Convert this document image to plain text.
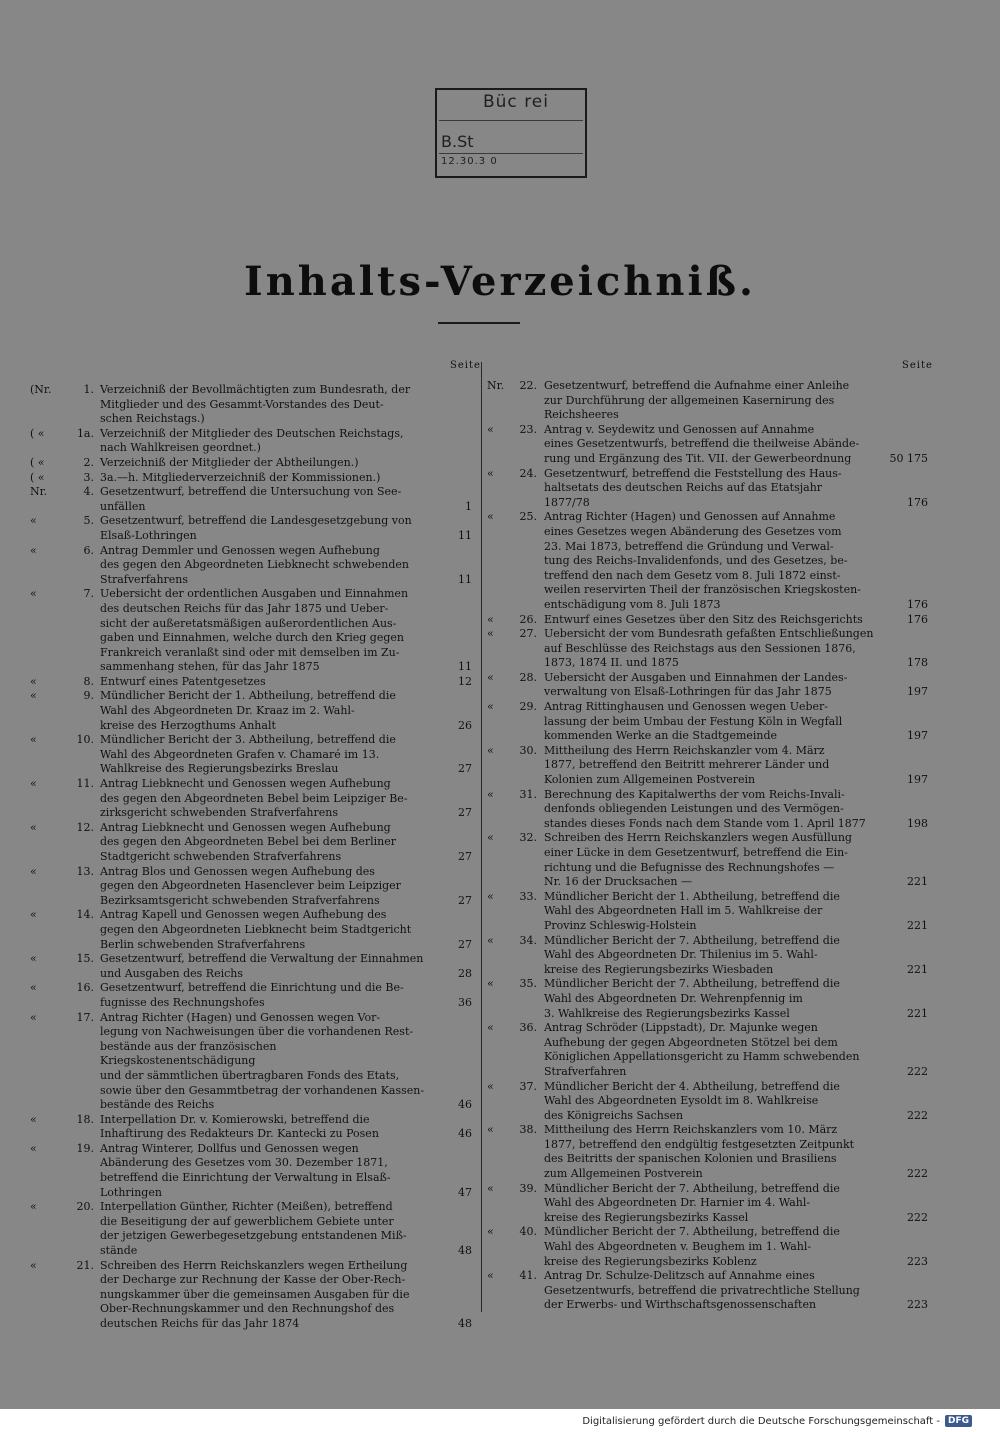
Büc rei
B.St
12.30.3 0
Inhalts-Verzeichniß.
Seite
(Nr.	1. Verzeichniß der Bevollmächtigten zum Bundesrath, der
Mitglieder und des Gesammt-Vorstandes des Deut-
schen Reichstags.)
( «	1a. Verzeichniß der Mitglieder des Deutschen Reichstags,
nach Wahlkreisen geordnet.)
( «	2. Verzeichniß der Mitglieder der Abtheilungen.)
( «	3. 3a.—h. Mitgliederverzeichniß der Kommissionen.)
Nr.	4. Gesetzentwurf, betreffend die Untersuchung von See-
unfällen	1
«	5. Gesetzentwurf, betreffend die Landesgesetzgebung von
Elsaß-Lothringen	11
«	6. Antrag Demmler und Genossen wegen Aufhebung
des gegen den Abgeordneten Liebknecht schwebenden
Strafverfahrens	11
«	7. Uebersicht der ordentlichen Ausgaben und Einnahmen
des deutschen Reichs für das Jahr 1875 und Ueber-
sicht der außeretatsmäßigen außerordentlichen Aus-
gaben und Einnahmen, welche durch den Krieg gegen
Frankreich veranlaßt sind oder mit demselben im Zu-
sammenhang stehen, für das Jahr 1875	11
«	8. Entwurf eines Patentgesetzes	12
«	9. Mündlicher Bericht der 1. Abtheilung, betreffend die
Wahl des Abgeordneten Dr. Kraaz im 2. Wahl-
kreise des Herzogthums Anhalt	26
«	10. Mündlicher Bericht der 3. Abtheilung, betreffend die
Wahl des Abgeordneten Grafen v. Chamaré im 13.
Wahlkreise des Regierungsbezirks Breslau	27
«	11. Antrag Liebknecht und Genossen wegen Aufhebung
des gegen den Abgeordneten Bebel beim Leipziger Be-
zirksgericht schwebenden Strafverfahrens	27
«	12. Antrag Liebknecht und Genossen wegen Aufhebung
des gegen den Abgeordneten Bebel bei dem Berliner
Stadtgericht schwebenden Strafverfahrens	27
«	13. Antrag Blos und Genossen wegen Aufhebung des
gegen den Abgeordneten Hasenclever beim Leipziger
Bezirksamtsgericht schwebenden Strafverfahrens	27
«	14. Antrag Kapell und Genossen wegen Aufhebung des
gegen den Abgeordneten Liebknecht beim Stadtgericht
Berlin schwebenden Strafverfahrens	27
«	15. Gesetzentwurf, betreffend die Verwaltung der Einnahmen
und Ausgaben des Reichs	28
«	16. Gesetzentwurf, betreffend die Einrichtung und die Be-
fugnisse des Rechnungshofes	36
«	17. Antrag Richter (Hagen) und Genossen wegen Vor-
legung von Nachweisungen über die vorhandenen Rest-
bestände aus der französischen Kriegskostenentschädigung
und der sämmtlichen übertragbaren Fonds des Etats,
sowie über den Gesammtbetrag der vorhandenen Kassen-
bestände des Reichs	46
«	18. Interpellation Dr. v. Komierowski, betreffend die
Inhaftirung des Redakteurs Dr. Kantecki zu Posen	46
«	19. Antrag Winterer, Dollfus und Genossen wegen
Abänderung des Gesetzes vom 30. Dezember 1871,
betreffend die Einrichtung der Verwaltung in Elsaß-
Lothringen	47
«	20. Interpellation Günther, Richter (Meißen), betreffend
die Beseitigung der auf gewerblichem Gebiete unter
der jetzigen Gewerbegesetzgebung entstandenen Miß-
stände	48
«	21. Schreiben des Herrn Reichskanzlers wegen Ertheilung
der Decharge zur Rechnung der Kasse der Ober-Rech-
nungskammer über die gemeinsamen Ausgaben für die
Ober-Rechnungskammer und den Rechnungshof des
deutschen Reichs für das Jahr 1874	48
Seite
Nr.	22. Gesetzentwurf, betreffend die Aufnahme einer Anleihe
zur Durchführung der allgemeinen Kasernirung des
Reichsheeres
«	23. Antrag v. Seydewitz und Genossen auf Annahme
eines Gesetzentwurfs, betreffend die theilweise Abände-
rung und Ergänzung des Tit. VII. der Gewerbeordnung	50 175
«	24. Gesetzentwurf, betreffend die Feststellung des Haus-
haltsetats des deutschen Reichs auf das Etatsjahr
1877/78	176
«	25. Antrag Richter (Hagen) und Genossen auf Annahme
eines Gesetzes wegen Abänderung des Gesetzes vom
23. Mai 1873, betreffend die Gründung und Verwal-
tung des Reichs-Invalidenfonds, und des Gesetzes, be-
treffend den nach dem Gesetz vom 8. Juli 1872 einst-
weilen reservirten Theil der französischen Kriegskosten-
entschädigung vom 8. Juli 1873	176
«	26. Entwurf eines Gesetzes über den Sitz des Reichsgerichts	176
«	27. Uebersicht der vom Bundesrath gefaßten Entschließungen
auf Beschlüsse des Reichstags aus den Sessionen 1876,
1873, 1874 II. und 1875	178
«	28. Uebersicht der Ausgaben und Einnahmen der Landes-
verwaltung von Elsaß-Lothringen für das Jahr 1875	197
«	29. Antrag Rittinghausen und Genossen wegen Ueber-
lassung der beim Umbau der Festung Köln in Wegfall
kommenden Werke an die Stadtgemeinde	197
«	30. Mittheilung des Herrn Reichskanzler vom 4. März
1877, betreffend den Beitritt mehrerer Länder und
Kolonien zum Allgemeinen Postverein	197
«	31. Berechnung des Kapitalwerths der vom Reichs-Invali-
denfonds obliegenden Leistungen und des Vermögen-
standes dieses Fonds nach dem Stande vom 1. April 1877	198
«	32. Schreiben des Herrn Reichskanzlers wegen Ausfüllung
einer Lücke in dem Gesetzentwurf, betreffend die Ein-
richtung und die Befugnisse des Rechnungshofes —
Nr. 16 der Drucksachen —	221
«	33. Mündlicher Bericht der 1. Abtheilung, betreffend die
Wahl des Abgeordneten Hall im 5. Wahlkreise der
Provinz Schleswig-Holstein	221
«	34. Mündlicher Bericht der 7. Abtheilung, betreffend die
Wahl des Abgeordneten Dr. Thilenius im 5. Wahl-
kreise des Regierungsbezirks Wiesbaden	221
«	35. Mündlicher Bericht der 7. Abtheilung, betreffend die
Wahl des Abgeordneten Dr. Wehrenpfennig im
3. Wahlkreise des Regierungsbezirks Kassel	221
«	36. Antrag Schröder (Lippstadt), Dr. Majunke wegen
Aufhebung der gegen Abgeordneten Stötzel bei dem
Königlichen Appellationsgericht zu Hamm schwebenden
Strafverfahren	222
«	37. Mündlicher Bericht der 4. Abtheilung, betreffend die
Wahl des Abgeordneten Eysoldt im 8. Wahlkreise
des Königreichs Sachsen	222
«	38. Mittheilung des Herrn Reichskanzlers vom 10. März
1877, betreffend den endgültig festgesetzten Zeitpunkt
des Beitritts der spanischen Kolonien und Brasiliens
zum Allgemeinen Postverein	222
«	39. Mündlicher Bericht der 7. Abtheilung, betreffend die
Wahl des Abgeordneten Dr. Harnier im 4. Wahl-
kreise des Regierungsbezirks Kassel	222
«	40. Mündlicher Bericht der 7. Abtheilung, betreffend die
Wahl des Abgeordneten v. Beughem im 1. Wahl-
kreise des Regierungsbezirks Koblenz	223
«	41. Antrag Dr. Schulze-Delitzsch auf Annahme eines
Gesetzentwurfs, betreffend die privatrechtliche Stellung
der Erwerbs- und Wirthschaftsgenossenschaften	223
Digitalisierung gefördert durch die Deutsche Forschungsgemeinschaft - DFG
